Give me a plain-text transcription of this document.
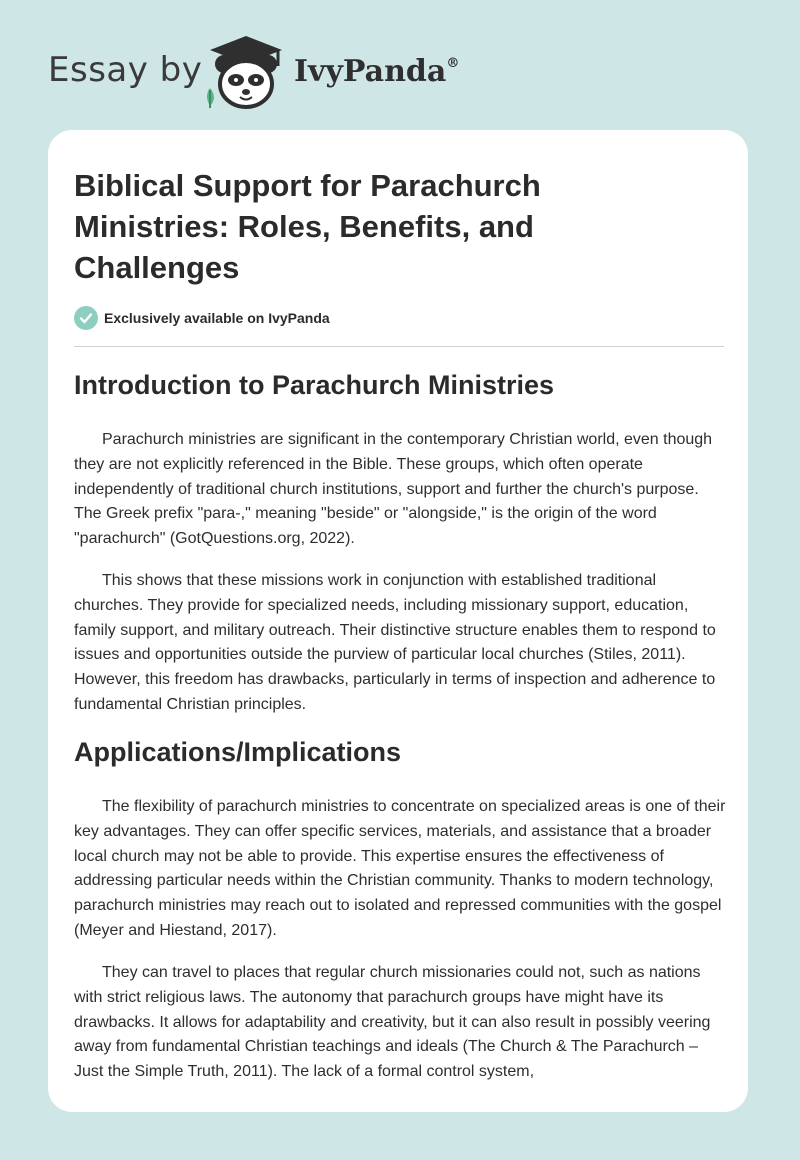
Essay by	IvyPanda®
Biblical Support for Parachurch Ministries: Roles, Benefits, and Challenges
Exclusively available on IvyPanda
Introduction to Parachurch Ministries

Parachurch ministries are significant in the contemporary Christian world, even though they are not explicitly referenced in the Bible. These groups, which often operate independently of traditional church institutions, support and further the church's purpose. The Greek prefix "para-," meaning "beside" or "alongside," is the origin of the word "parachurch" (GotQuestions.org, 2022).

This shows that these missions work in conjunction with established traditional churches. They provide for specialized needs, including missionary support, education, family support, and military outreach. Their distinctive structure enables them to respond to issues and opportunities outside the purview of particular local churches (Stiles, 2011). However, this freedom has drawbacks, particularly in terms of inspection and adherence to fundamental Christian principles.

Applications/Implications

The flexibility of parachurch ministries to concentrate on specialized areas is one of their key advantages. They can offer specific services, materials, and assistance that a broader local church may not be able to provide. This expertise ensures the effectiveness of addressing particular needs within the Christian community. Thanks to modern technology, parachurch ministries may reach out to isolated and repressed communities with the gospel (Meyer and Hiestand, 2017).

They can travel to places that regular church missionaries could not, such as nations with strict religious laws. The autonomy that parachurch groups have might have its drawbacks. It allows for adaptability and creativity, but it can also result in possibly veering away from fundamental Christian teachings and ideals (The Church & The Parachurch – Just the Simple Truth, 2011). The lack of a formal control system,
